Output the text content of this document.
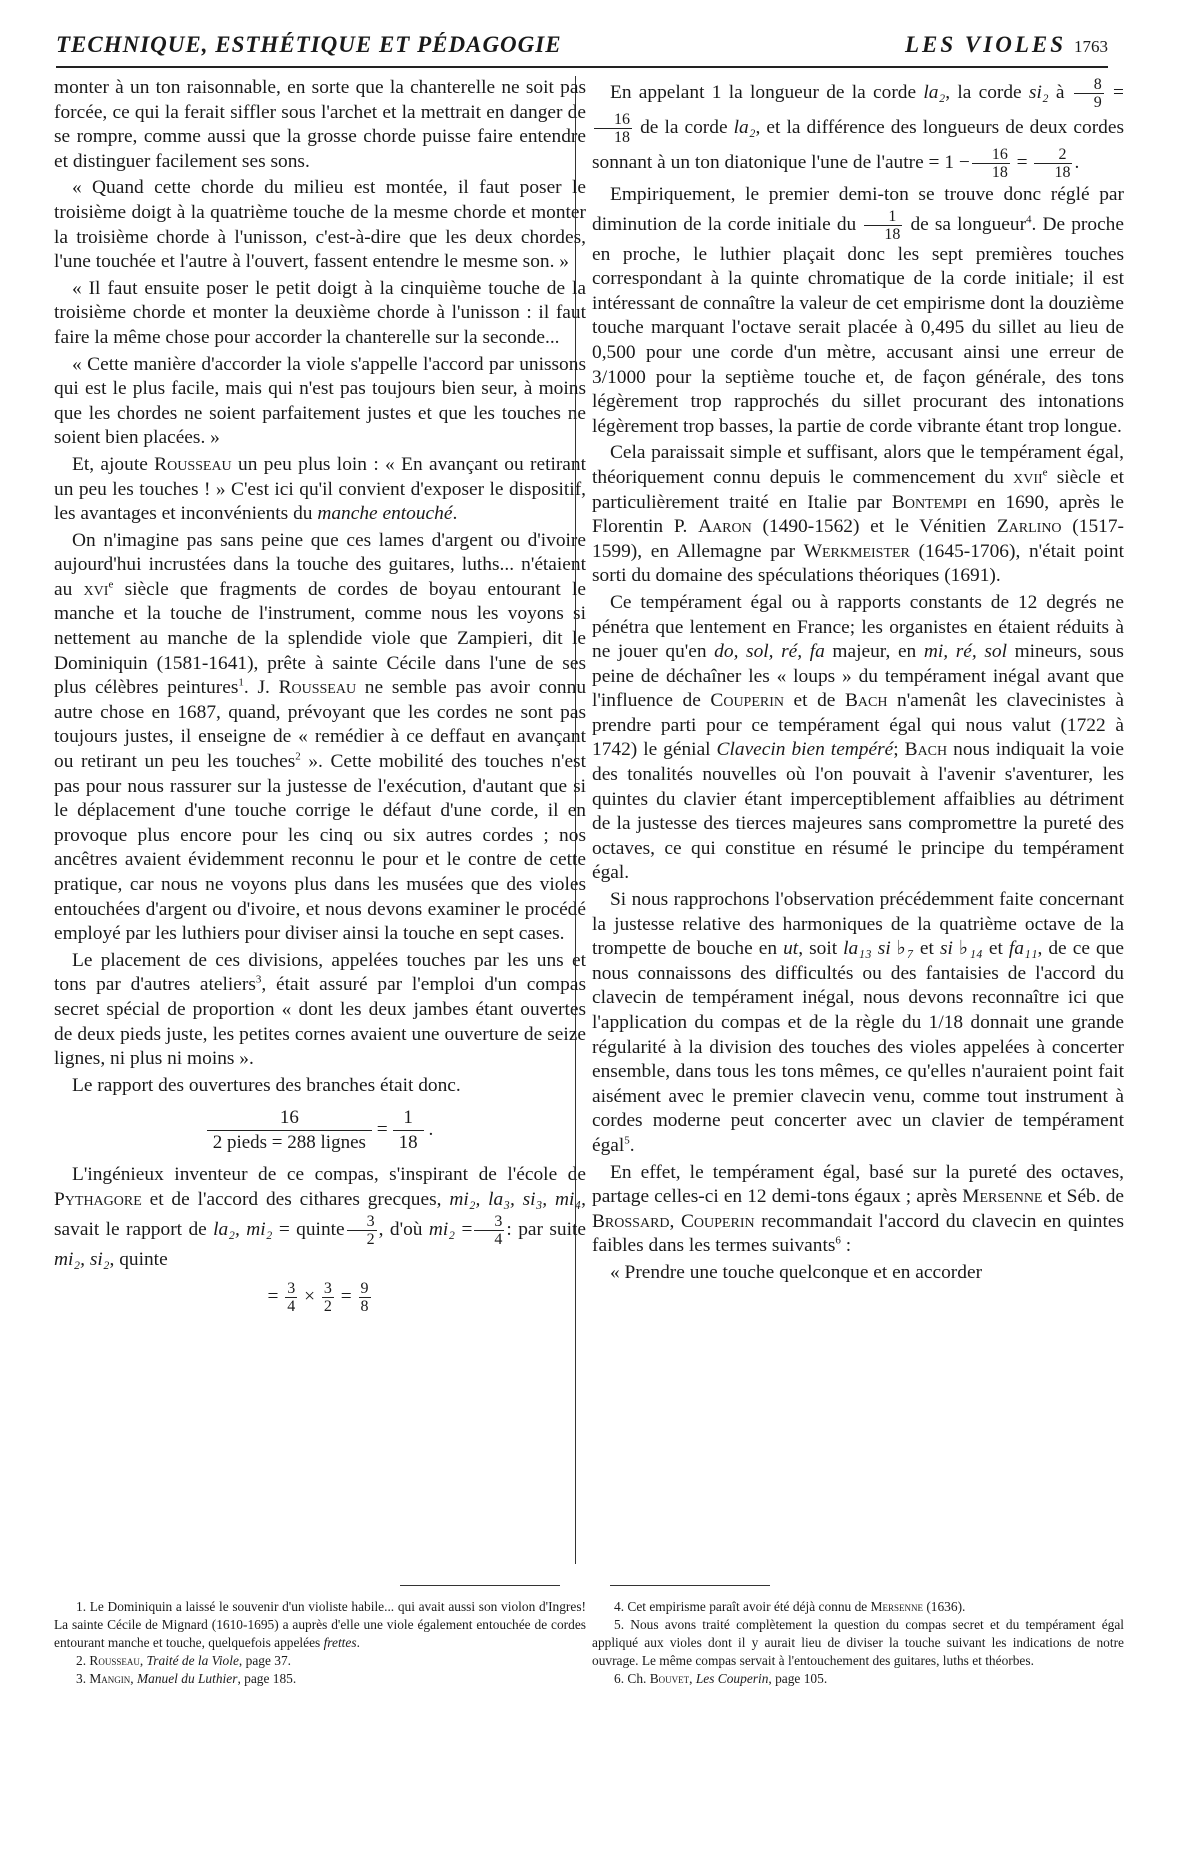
TECHNIQUE, ESTHÉTIQUE ET PÉDAGOGIE	LES VIOLES 1763

monter à un ton raisonnable, en sorte que la chanterelle ne soit pas forcée, ce qui la ferait siffler sous l'archet et la mettrait en danger de se rompre, comme aussi que la grosse chorde puisse faire entendre et distinguer facilement ses sons.

« Quand cette chorde du milieu est montée, il faut poser le troisième doigt à la quatrième touche de la mesme chorde et monter la troisième chorde à l'unisson, c'est-à-dire que les deux chordes, l'une touchée et l'autre à l'ouvert, fassent entendre le mesme son. »

« Il faut ensuite poser le petit doigt à la cinquième touche de la troisième chorde et monter la deuxième chorde à l'unisson : il faut faire la même chose pour accorder la chanterelle sur la seconde...

« Cette manière d'accorder la viole s'appelle l'accord par unissons qui est le plus facile, mais qui n'est pas toujours bien seur, à moins que les chordes ne soient parfaitement justes et que les touches ne soient bien placées. »

Et, ajoute Rousseau un peu plus loin : « En avançant ou retirant un peu les touches ! » C'est ici qu'il convient d'exposer le dispositif, les avantages et inconvénients du manche entouché.

On n'imagine pas sans peine que ces lames d'argent ou d'ivoire aujourd'hui incrustées dans la touche des guitares, luths... n'étaient au xvi$^e$ siècle que fragments de cordes de boyau entourant le manche et la touche de l'instrument, comme nous les voyons si nettement au manche de la splendide viole que Zampieri, dit le Dominiquin (1581-1641), prête à sainte Cécile dans l'une de ses plus célèbres peintures$^1$. J. Rousseau ne semble pas avoir connu autre chose en 1687, quand, prévoyant que les cordes ne sont pas toujours justes, il enseigne de « remédier à ce deffaut en avançant ou retirant un peu les touches$^2$ ». Cette mobilité des touches n'est pas pour nous rassurer sur la justesse de l'exécution, d'autant que si le déplacement d'une touche corrige le défaut d'une corde, il en provoque plus encore pour les cinq ou six autres cordes ; nos ancêtres avaient évidemment reconnu le pour et le contre de cette pratique, car nous ne voyons plus dans les musées que des violes entouchées d'argent ou d'ivoire, et nous devons examiner le procédé employé par les luthiers pour diviser ainsi la touche en sept cases.

Le placement de ces divisions, appelées touches par les uns et tons par d'autres ateliers$^3$, était assuré par l'emploi d'un compas secret spécial de proportion « dont les deux jambes étant ouvertes de deux pieds juste, les petites cornes avaient une ouverture de seize lignes, ni plus ni moins ».

Le rapport des ouvertures des branches était donc.

16
2 pieds = 288 lignes
= $\frac{1}{18}$ .

L'ingénieux inventeur de ce compas, s'inspirant de l'école de Pythagore et de l'accord des cithares grecques, mi₂, la₃, si₃, mi₄, savait le rapport de la₂, mi₂ = quinte $\frac{3}{2}$ , d'où $mi_2 = \frac{3}{4}$ : par suite mi₂, si₂, quinte

= $\frac{3}{4} \times \frac{3}{2} = \frac{9}{8}$

En appelant 1 la longueur de la corde la₂, la corde si₂ à $\frac{8}{9}$ =
$\frac{16}{18}$ de la corde la₂, et la différence des longueurs de deux cordes sonnant à un ton diatonique l'une de l'autre = $1 - \frac{16}{18} = \frac{2}{18}$ .

Empiriquement, le premier demi-ton se trouve donc réglé par diminution de la corde initiale du $\frac{1}{18}$ de sa longueur$^4$. De proche en proche, le luthier plaçait donc les sept premières touches correspondant à la quinte chromatique de la corde initiale; il est intéressant de connaître la valeur de cet empirisme dont la douzième touche marquant l'octave serait placée à 0,495 du sillet au lieu de 0,500 pour une corde d'un mètre, accusant ainsi une erreur de 3/1000 pour la septième touche et, de façon générale, des tons légèrement trop rapprochés du sillet procurant des intonations légèrement trop basses, la partie de corde vibrante étant trop longue.

Cela paraissait simple et suffisant, alors que le tempérament égal, théoriquement connu depuis le commencement du xvii$^e$ siècle et particulièrement traité en Italie par Bontempi en 1690, après le Florentin P. Aaron (1490-1562) et le Vénitien Zarlino (1517-1599), en Allemagne par Werkmeister (1645-1706), n'était point sorti du domaine des spéculations théoriques (1691).

Ce tempérament égal ou à rapports constants de 12 degrés ne pénétra que lentement en France; les organistes en étaient réduits à ne jouer qu'en do, sol, ré, fa majeur, en mi, ré, sol mineurs, sous peine de déchaîner les « loups » du tempérament inégal avant que l'influence de Couperin et de Bach n'amenât les clavecinistes à prendre parti pour ce tempérament égal qui nous valut (1722 à 1742) le génial Clavecin bien tempéré; Bach nous indiquait la voie des tonalités nouvelles où l'on pouvait à l'avenir s'aventurer, les quintes du clavier étant imperceptiblement affaiblies au détriment de la justesse des tierces majeures sans compromettre la pureté des octaves, ce qui constitue en résumé le principe du tempérament égal.

Si nous rapprochons l'observation précédemment faite concernant la justesse relative des harmoniques de la quatrième octave de la trompette de bouche en ut, soit la₁₃ si ♭₇ et si ♭₁₄ et fa₁₁, de ce que nous connaissons des difficultés ou des fantaisies de l'accord du clavecin de tempérament inégal, nous devons reconnaître ici que l'application du compas et de la règle du 1/18 donnait une grande régularité à la division des touches des violes appelées à concerter ensemble, dans tous les tons mêmes, ce qu'elles n'auraient point fait aisément avec le premier clavecin venu, comme tout instrument à cordes moderne peut concerter avec un clavier de tempérament égal$^5$.

En effet, le tempérament égal, basé sur la pureté des octaves, partage celles-ci en 12 demi-tons égaux ; après Mersenne et Séb. de Brossard, Couperin recommandait l'accord du clavecin en quintes faibles dans les termes suivants$^6$ :

« Prendre une touche quelconque et en accorder

1. Le Dominiquin a laissé le souvenir d'un violiste habile... qui avait aussi son violon d'Ingres! La sainte Cécile de Mignard (1610-1695) a auprès d'elle une viole également entouchée de cordes entourant manche et touche, quelquefois appelées frettes.

2. Rousseau, Traité de la Viole, page 37.

3. Mangin, Manuel du Luthier, page 185.

4. Cet empirisme paraît avoir été déjà connu de Mersenne (1636).

5. Nous avons traité complètement la question du compas secret et du tempérament égal appliqué aux violes dont il y aurait lieu de diviser la touche suivant les indications de notre ouvrage. Le même compas servait à l'entouchement des guitares, luths et théorbes.

6. Ch. Bouvet, Les Couperin, page 105.
